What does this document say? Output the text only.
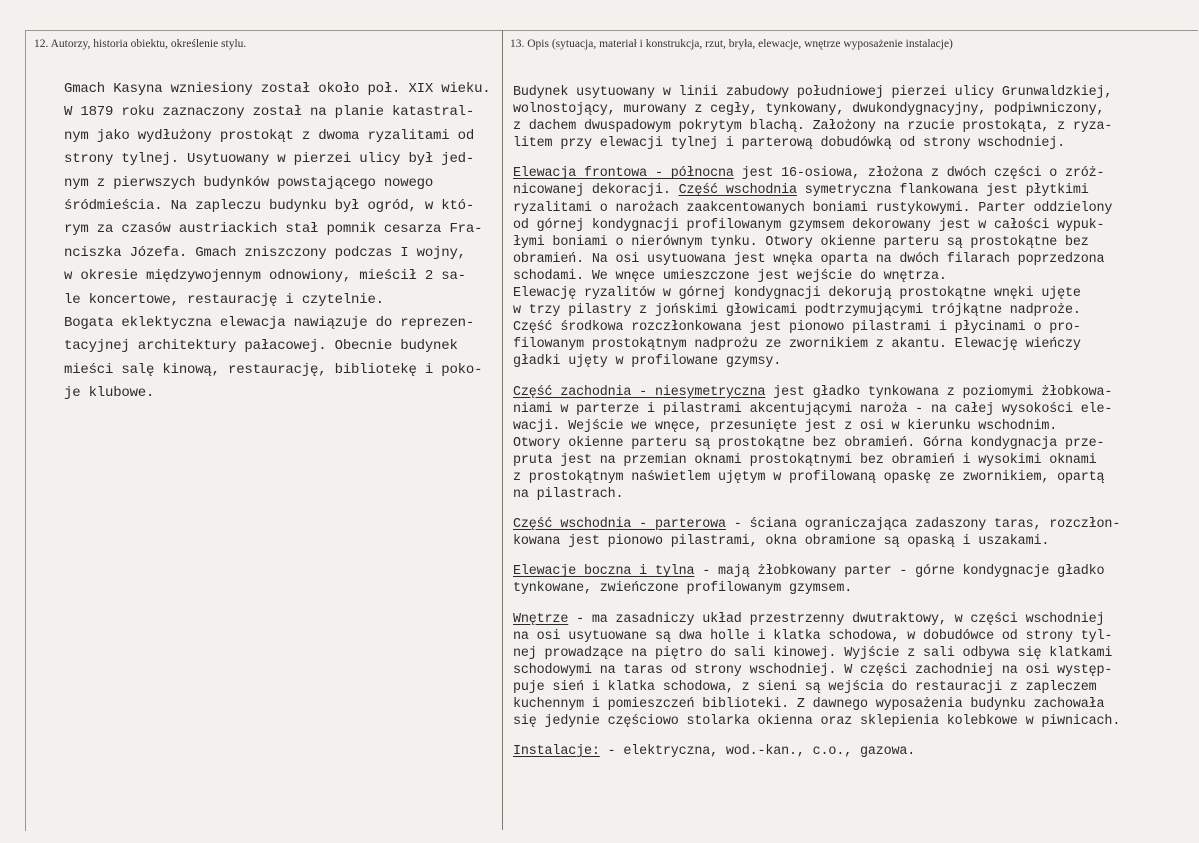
12. Autorzy, historia obiektu, określenie stylu.	13. Opis (sytuacja, materiał i konstrukcja, rzut, bryła, elewacje, wnętrze wyposażenie instalacje)
Gmach Kasyna wzniesiony został około poł. XIX wieku.
W 1879 roku zaznaczony został na planie katastral-
nym jako wydłużony prostokąt z dwoma ryzalitami od
strony tylnej. Usytuowany w pierzei ulicy był jed-
nym z pierwszych budynków powstającego nowego
śródmieścia. Na zapleczu budynku był ogród, w któ-
rym za czasów austriackich stał pomnik cesarza Fra-
nciszka Józefa. Gmach zniszczony podczas I wojny,
w okresie międzywojennym odnowiony, mieścił 2 sa-
le koncertowe, restaurację i czytelnie.
Bogata eklektyczna elewacja nawiązuje do reprezen-
tacyjnej architektury pałacowej. Obecnie budynek
mieści salę kinową, restaurację, bibliotekę i poko-
je klubowe.
Budynek usytuowany w linii zabudowy południowej pierzei ulicy Grunwaldzkiej,
wolnostojący, murowany z cegły, tynkowany, dwukondygnacyjny, podpiwniczony,
z dachem dwuspadowym pokrytym blachą. Założony na rzucie prostokąta, z ryza-
litem przy elewacji tylnej i parterową dobudówką od strony wschodniej.
Elewacja frontowa - północna jest 16-osiowa, złożona z dwóch części o zróż-
nicowanej dekoracji. Część wschodnia symetryczna flankowana jest płytkimi
ryzalitami o narożach zaakcentowanych boniami rustykowymi. Parter oddzielony
od górnej kondygnacji profilowanym gzymsem dekorowany jest w całości wypuk-
łymi boniami o nierównym tynku. Otwory okienne parteru są prostokątne bez
obramień. Na osi usytuowana jest wnęka oparta na dwóch filarach poprzedzona
schodami. We wnęce umieszczone jest wejście do wnętrza.
Elewację ryzalitów w górnej kondygnacji dekorują prostokątne wnęki ujęte
w trzy pilastry z jońskimi głowicami podtrzymującymi trójkątne nadproże.
Część środkowa rozczłonkowana jest pionowo pilastrami i płycinami o pro-
filowanym prostokątnym nadprożu ze zwornikiem z akantu. Elewację wieńczy
gładki ujęty w profilowane gzymsy.
Część zachodnia - niesymetryczna jest gładko tynkowana z poziomymi żłobkowa-
niami w parterze i pilastrami akcentującymi naroża - na całej wysokości ele-
wacji. Wejście we wnęce, przesunięte jest z osi w kierunku wschodnim.
Otwory okienne parteru są prostokątne bez obramień. Górna kondygnacja prze-
pruta jest na przemian oknami prostokątnymi bez obramień i wysokimi oknami
z prostokątnym naświetlem ujętym w profilowaną opaskę ze zwornikiem, opartą
na pilastrach.
Część wschodnia - parterowa - ściana ograniczająca zadaszony taras, rozczłon-
kowana jest pionowo pilastrami, okna obramione są opaską i uszakami.
Elewacje boczna i tylna - mają żłobkowany parter - górne kondygnacje gładko
tynkowane, zwieńczone profilowanym gzymsem.
Wnętrze - ma zasadniczy układ przestrzenny dwutraktowy, w części wschodniej
na osi usytuowane są dwa holle i klatka schodowa, w dobudówce od strony tyl-
nej prowadzące na piętro do sali kinowej. Wyjście z sali odbywa się klatkami
schodowymi na taras od strony wschodniej. W części zachodniej na osi występ-
puje sień i klatka schodowa, z sieni są wejścia do restauracji z zapleczem
kuchennym i pomieszczeń biblioteki. Z dawnego wyposażenia budynku zachowała
się jedynie częściowo stolarka okienna oraz sklepienia kolebkowe w piwnicach.
Instalacje: - elektryczna, wod.-kan., c.o., gazowa.
